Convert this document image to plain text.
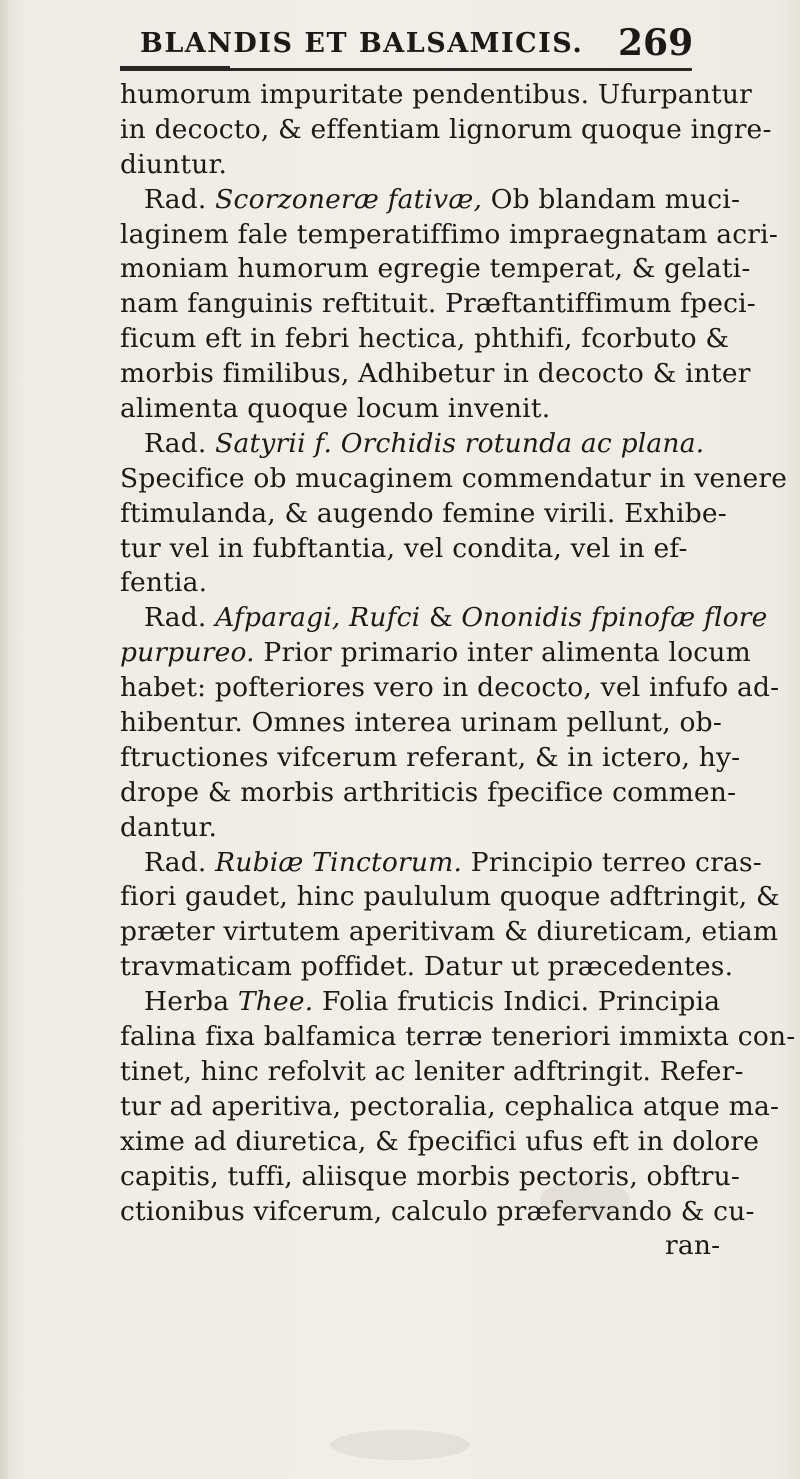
BLANDIS ET BALSAMICIS. 269
humorum impuritate pendentibus. Ufurpantur
in decocto, & effentiam lignorum quoque ingre-
diuntur.
Rad. Scorzoneræ fativæ, Ob blandam muci-
laginem fale temperatiffimo impraegnatam acri-
moniam humorum egregie temperat, & gelati-
nam fanguinis reftituit. Præftantiffimum fpeci-
ficum eft in febri hectica, phthifi, fcorbuto &
morbis fimilibus, Adhibetur in decocto & inter
alimenta quoque locum invenit.
Rad. Satyrii f. Orchidis rotunda ac plana.
Specifice ob mucaginem commendatur in venere
ftimulanda, & augendo femine virili. Exhibe-
tur vel in fubftantia, vel condita, vel in ef-
fentia.
Rad. Afparagi, Rufci & Ononidis fpinofæ flore
purpureo. Prior primario inter alimenta locum
habet: pofteriores vero in decocto, vel infufo ad-
hibentur. Omnes interea urinam pellunt, ob-
ftructiones vifcerum referant, & in ictero, hy-
drope & morbis arthriticis fpecifice commen-
dantur.
Rad. Rubiæ Tinctorum. Principio terreo cras-
fiori gaudet, hinc paululum quoque adftringit, &
præter virtutem aperitivam & diureticam, etiam
travmaticam poffidet. Datur ut præcedentes.
Herba Thee. Folia fruticis Indici. Principia
falina fixa balfamica terræ teneriori immixta con-
tinet, hinc refolvit ac leniter adftringit. Refer-
tur ad aperitiva, pectoralia, cephalica atque ma-
xime ad diuretica, & fpecifici ufus eft in dolore
capitis, tuffi, aliisque morbis pectoris, obftru-
ctionibus vifcerum, calculo præfervando & cu-
ran-
